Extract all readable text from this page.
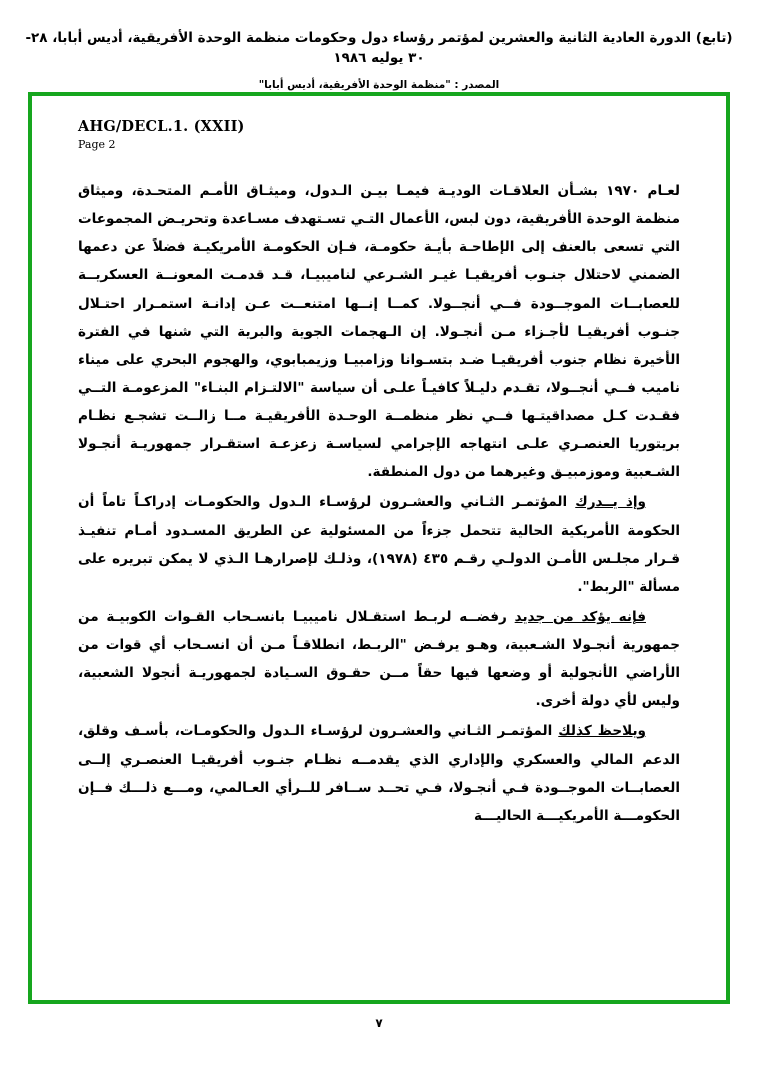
(تابع) الدورة العادية الثانية والعشرين لمؤتمر رؤساء دول وحكومات منظمة الوحدة الأفريقية، أديس أبابا، ٢٨- ٣٠ يوليه ١٩٨٦
المصدر : "منظمة الوحدة الأفريقية، أديس أبابا"
AHG/DECL.1. (XXII)
Page 2

لعـام ١٩٧٠ بشـأن العلاقـات الوديـة فيمـا بيـن الـدول، وميثـاق الأمـم المتحـدة، وميثاق منظمة الوحدة الأفريقية، دون لبس، الأعمال التـي تسـتهدف مسـاعدة وتحريـض المجموعات التي تسعى بالعنف إلى الإطاحـة بأيـة حكومـة، فـإن الحكومـة الأمريكيـة فضلاً عن دعمها الضمني لاحتلال جنـوب أفريقيـا غيـر الشـرعي لناميبيـا، قـد قدمـت المعونــة العسكريــة للعصابــات الموجــودة فــي أنجــولا. كمــا إنــها امتنعــت عـن إدانـة استمـرار احتـلال جنـوب أفريقيـا لأجـزاء مـن أنجـولا. إن الـهجمات الجوية والبرية التي شنها في الفترة الأخيرة نظام جنوب أفريقيـا ضـد بتسـوانا وزامبيـا وزيمبابوي، والهجوم البحري على ميناء ناميب فــي أنجــولا، تقـدم دليـلاً كافيـاً علـى أن سياسة "الالتـزام البنـاء" المزعومـة التــي فقـدت كـل مصداقيتـها فــي نظر منظمــة الوحـدة الأفريقيـة مــا زالــت تشجـع نظـام بريتوريا العنصـري علـى انتهاجه الإجرامي لسياسـة زعزعـة استقـرار جمهوريـة أنجـولا الشـعبية وموزمبيـق وغيرهما من دول المنطقة.

وإذ يــدرك المؤتمـر الثـاني والعشـرون لرؤسـاء الـدول والحكومـات إدراكـاً تاماً أن الحكومة الأمريكية الحالية تتحمل جزءاً من المسئولية عن الطريق المسـدود أمـام تنفيـذ قـرار مجلـس الأمـن الدولـي رقـم ٤٣٥ (١٩٧٨)، وذلـك لإصرارهـا الـذي لا يمكن تبريره على مسألة "الربط".

فإنه يؤكد من جديد رفضــه لربـط استقـلال ناميبيـا بانسـحاب القـوات الكوبيـة من جمهورية أنجـولا الشـعبية، وهـو يرفـض "الربـط، انطلاقـاً مـن أن انسـحاب أي قوات من الأراضي الأنجولية أو وضعها فيها حقاً مــن حقـوق السـيادة لجمهوريـة أنجولا الشعبية، وليس لأي دولة أخرى.

ويلاحظ كذلك المؤتمـر الثـاني والعشـرون لرؤسـاء الـدول والحكومـات، بأسـف وقلق، الدعم المالي والعسكري والإداري الذي يقدمــه نظـام جنـوب أفريقيـا العنصـري إلــى العصابــات الموجــودة فـي أنجـولا، فـي تحــد ســافر للــرأي العـالمي، ومـــع ذلـــك فــإن الحكومـــة الأمريكيـــة الحاليـــة

٧
